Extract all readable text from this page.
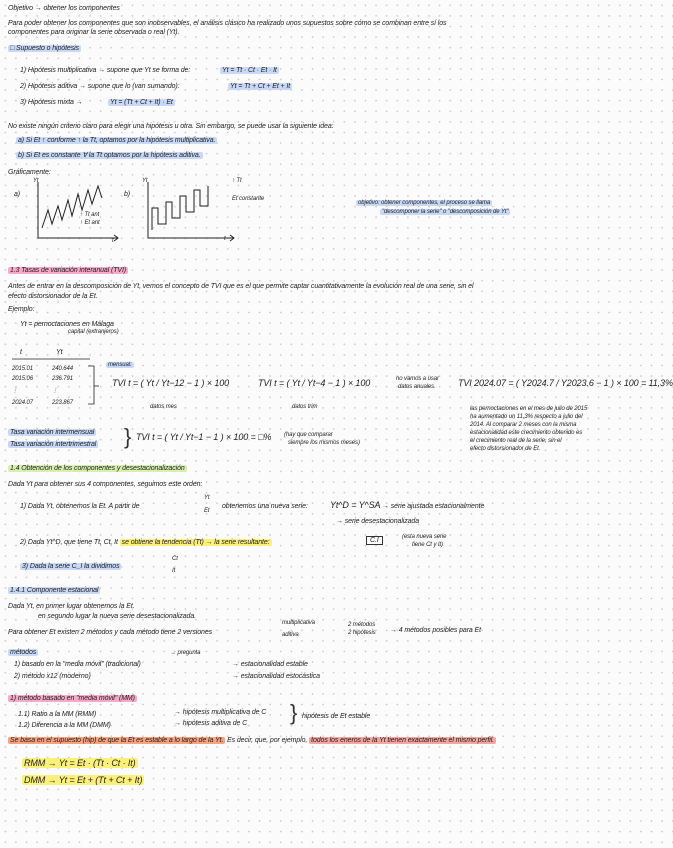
Objetivo → obtener los componentes
Para poder obtener los componentes que son inobservables, el análisis clásico ha realizado unos supuestos sobre cómo se combinan entre sí los
componentes para originar la serie observada o real (Yt).
□ Supuesto o hipótesis
1) Hipótesis multiplicativa → supone que Yt se forma de:	Yt = Tt · Ct · Et · It
2) Hipótesis aditiva → supone que lo (van sumando):	Yt = Tt + Ct + Et + It
3) Hipótesis mixta →	Yt = (Tt + Ct + It) · Et
No existe ningún criterio claro para elegir una hipótesis u otra. Sin embargo, se puede usar la siguiente idea:
a) Si Et ↑ conforme ↑ la Tt, optamos por la hipótesis multiplicativa.
b) Si Et es constante ∀ la Tt optamos por la hipótesis aditiva.
Gráficamente:
a)
Yt
↑ Tt ant
↑ Et ant
t
b)
Yt	↑ Tt
Et constante
t
objetivo: obtener componentes, el proceso se llama
"descomponer la serie" o "descomposición de Yt"
1.3 Tasas de variación interanual (TVI)
Antes de entrar en la descomposición de Yt, vemos el concepto de TVI que es el que permite captar cuantitativamente la evolución real de una serie, sin el
efecto distorsionador de la Et.
Ejemplo:
Yt = pernoctaciones en Málaga
capital (extranjeros)
t	Yt
2015.01	240.644
2015.06	236.791
⋮	⋮
2024.07	223.867
mensual:
TVI t = ( Yt / Yt−12 − 1 ) × 100
datos mes
TVI t = ( Yt / Yt−4 − 1 ) × 100
datos trim
no vamos a usar
datos anuales. TVI 2024.07 = ( Y2024.7 / Y2023.6 − 1 ) × 100 = 11,3%
las pernoctaciones en el mes de julio de 2015
ha aumentado un 11,3% respecto a julio del
2014. Al comparar 2 meses con la misma
estacionalidad este crecimiento obtenido es
el crecimiento real de la serie, sin el
efecto distorsionador de Et.
Tasa variación intermensual
Tasa variación intertrimestral } TVI t = ( Yt / Yt−1 − 1 ) × 100 = □% (hay que comparar
siempre los mismos meses)
1.4 Obtención de los componentes y desestacionalización
Dada Yt para obtener sus 4 componentes, seguimos este orden:
1) Dada Yt, obtenemos la Et. A partir de
Yt
Et
obtenemos una nueva serie: Yt^D = Y^SA → serie ajustada estacionalmente
→ serie desestacionalizada
2) Dada Yt^D, que tiene Tt, Ct, It se obtiene la tendencia (Tt) → la serie resultante:	C.I	(esta nueva serie
tiene Ct y It)
3) Dada la serie C_I la dividimos
Ct
It
1.4.1 Componente estacional
Dada Yt, en primer lugar obtenemos la Et.
en segundo lugar la nueva serie desestacionalizada.
Para obtener Et existen 2 métodos y cada método tiene 2 versiones
multiplicativa
aditiva
2 métodos
2 hipótesis → 4 métodos posibles para Et
métodos	→ pregunta
1) basado en la "media móvil" (tradicional)	→ estacionalidad estable
2) método x12 (moderno)	→ estacionalidad estocástica
1) método basado en "media móvil" (MM)
1.1) Ratio a la MM (RMM)	→ hipótesis multiplicativa de C
1.2) Diferencia a la MM (DMM)	→ hipótesis aditiva de C } hipótesis de Et estable
Se basa en el supuesto (hip) de que la Et es estable a lo largo de la Yt. Es decir, que, por ejemplo, todos los eneros de la Yt tienen exactamente el mismo perfil.
RMM → Yt = Et · (Tt · Ct · It)
DMM → Yt = Et + (Tt + Ct + It)
